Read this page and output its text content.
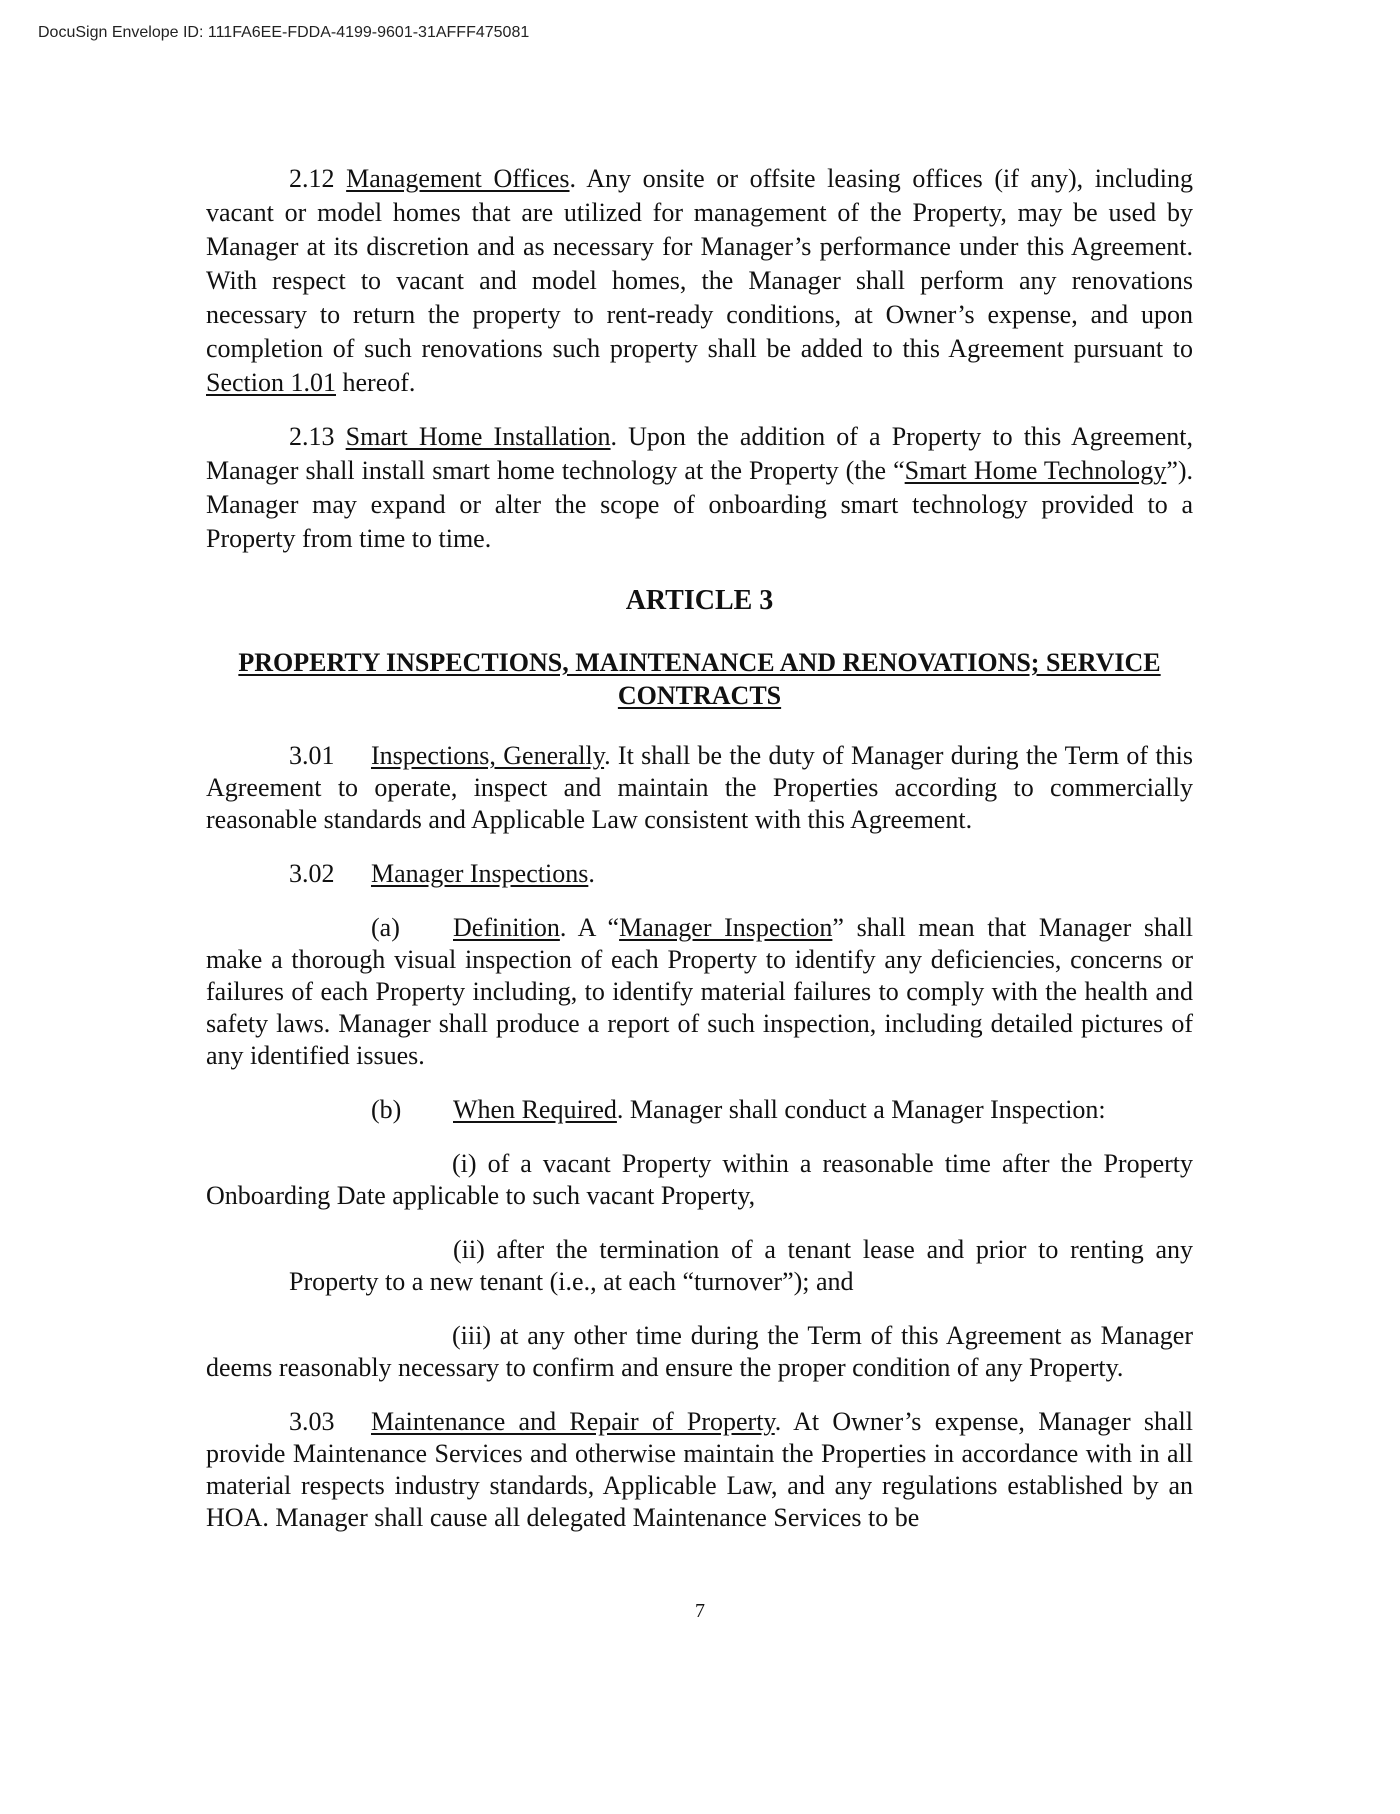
DocuSign Envelope ID: 111FA6EE-FDDA-4199-9601-31AFFF475081

2.12 Management Offices. Any onsite or offsite leasing offices (if any), including vacant or model homes that are utilized for management of the Property, may be used by Manager at its discretion and as necessary for Manager’s performance under this Agreement. With respect to vacant and model homes, the Manager shall perform any renovations necessary to return the property to rent-ready conditions, at Owner’s expense, and upon completion of such renovations such property shall be added to this Agreement pursuant to Section 1.01 hereof.

2.13 Smart Home Installation. Upon the addition of a Property to this Agreement, Manager shall install smart home technology at the Property (the “Smart Home Technology”). Manager may expand or alter the scope of onboarding smart technology provided to a Property from time to time.

ARTICLE 3

PROPERTY INSPECTIONS, MAINTENANCE AND RENOVATIONS; SERVICE CONTRACTS

3.01 Inspections, Generally. It shall be the duty of Manager during the Term of this Agreement to operate, inspect and maintain the Properties according to commercially reasonable standards and Applicable Law consistent with this Agreement.

3.02 Manager Inspections.

(a) Definition. A “Manager Inspection” shall mean that Manager shall make a thorough visual inspection of each Property to identify any deficiencies, concerns or failures of each Property including, to identify material failures to comply with the health and safety laws. Manager shall produce a report of such inspection, including detailed pictures of any identified issues.

(b) When Required. Manager shall conduct a Manager Inspection:

(i) of a vacant Property within a reasonable time after the Property Onboarding Date applicable to such vacant Property,

(ii) after the termination of a tenant lease and prior to renting any Property to a new tenant (i.e., at each “turnover”); and

(iii) at any other time during the Term of this Agreement as Manager deems reasonably necessary to confirm and ensure the proper condition of any Property.

3.03 Maintenance and Repair of Property. At Owner’s expense, Manager shall provide Maintenance Services and otherwise maintain the Properties in accordance with in all material respects industry standards, Applicable Law, and any regulations established by an HOA. Manager shall cause all delegated Maintenance Services to be

7
